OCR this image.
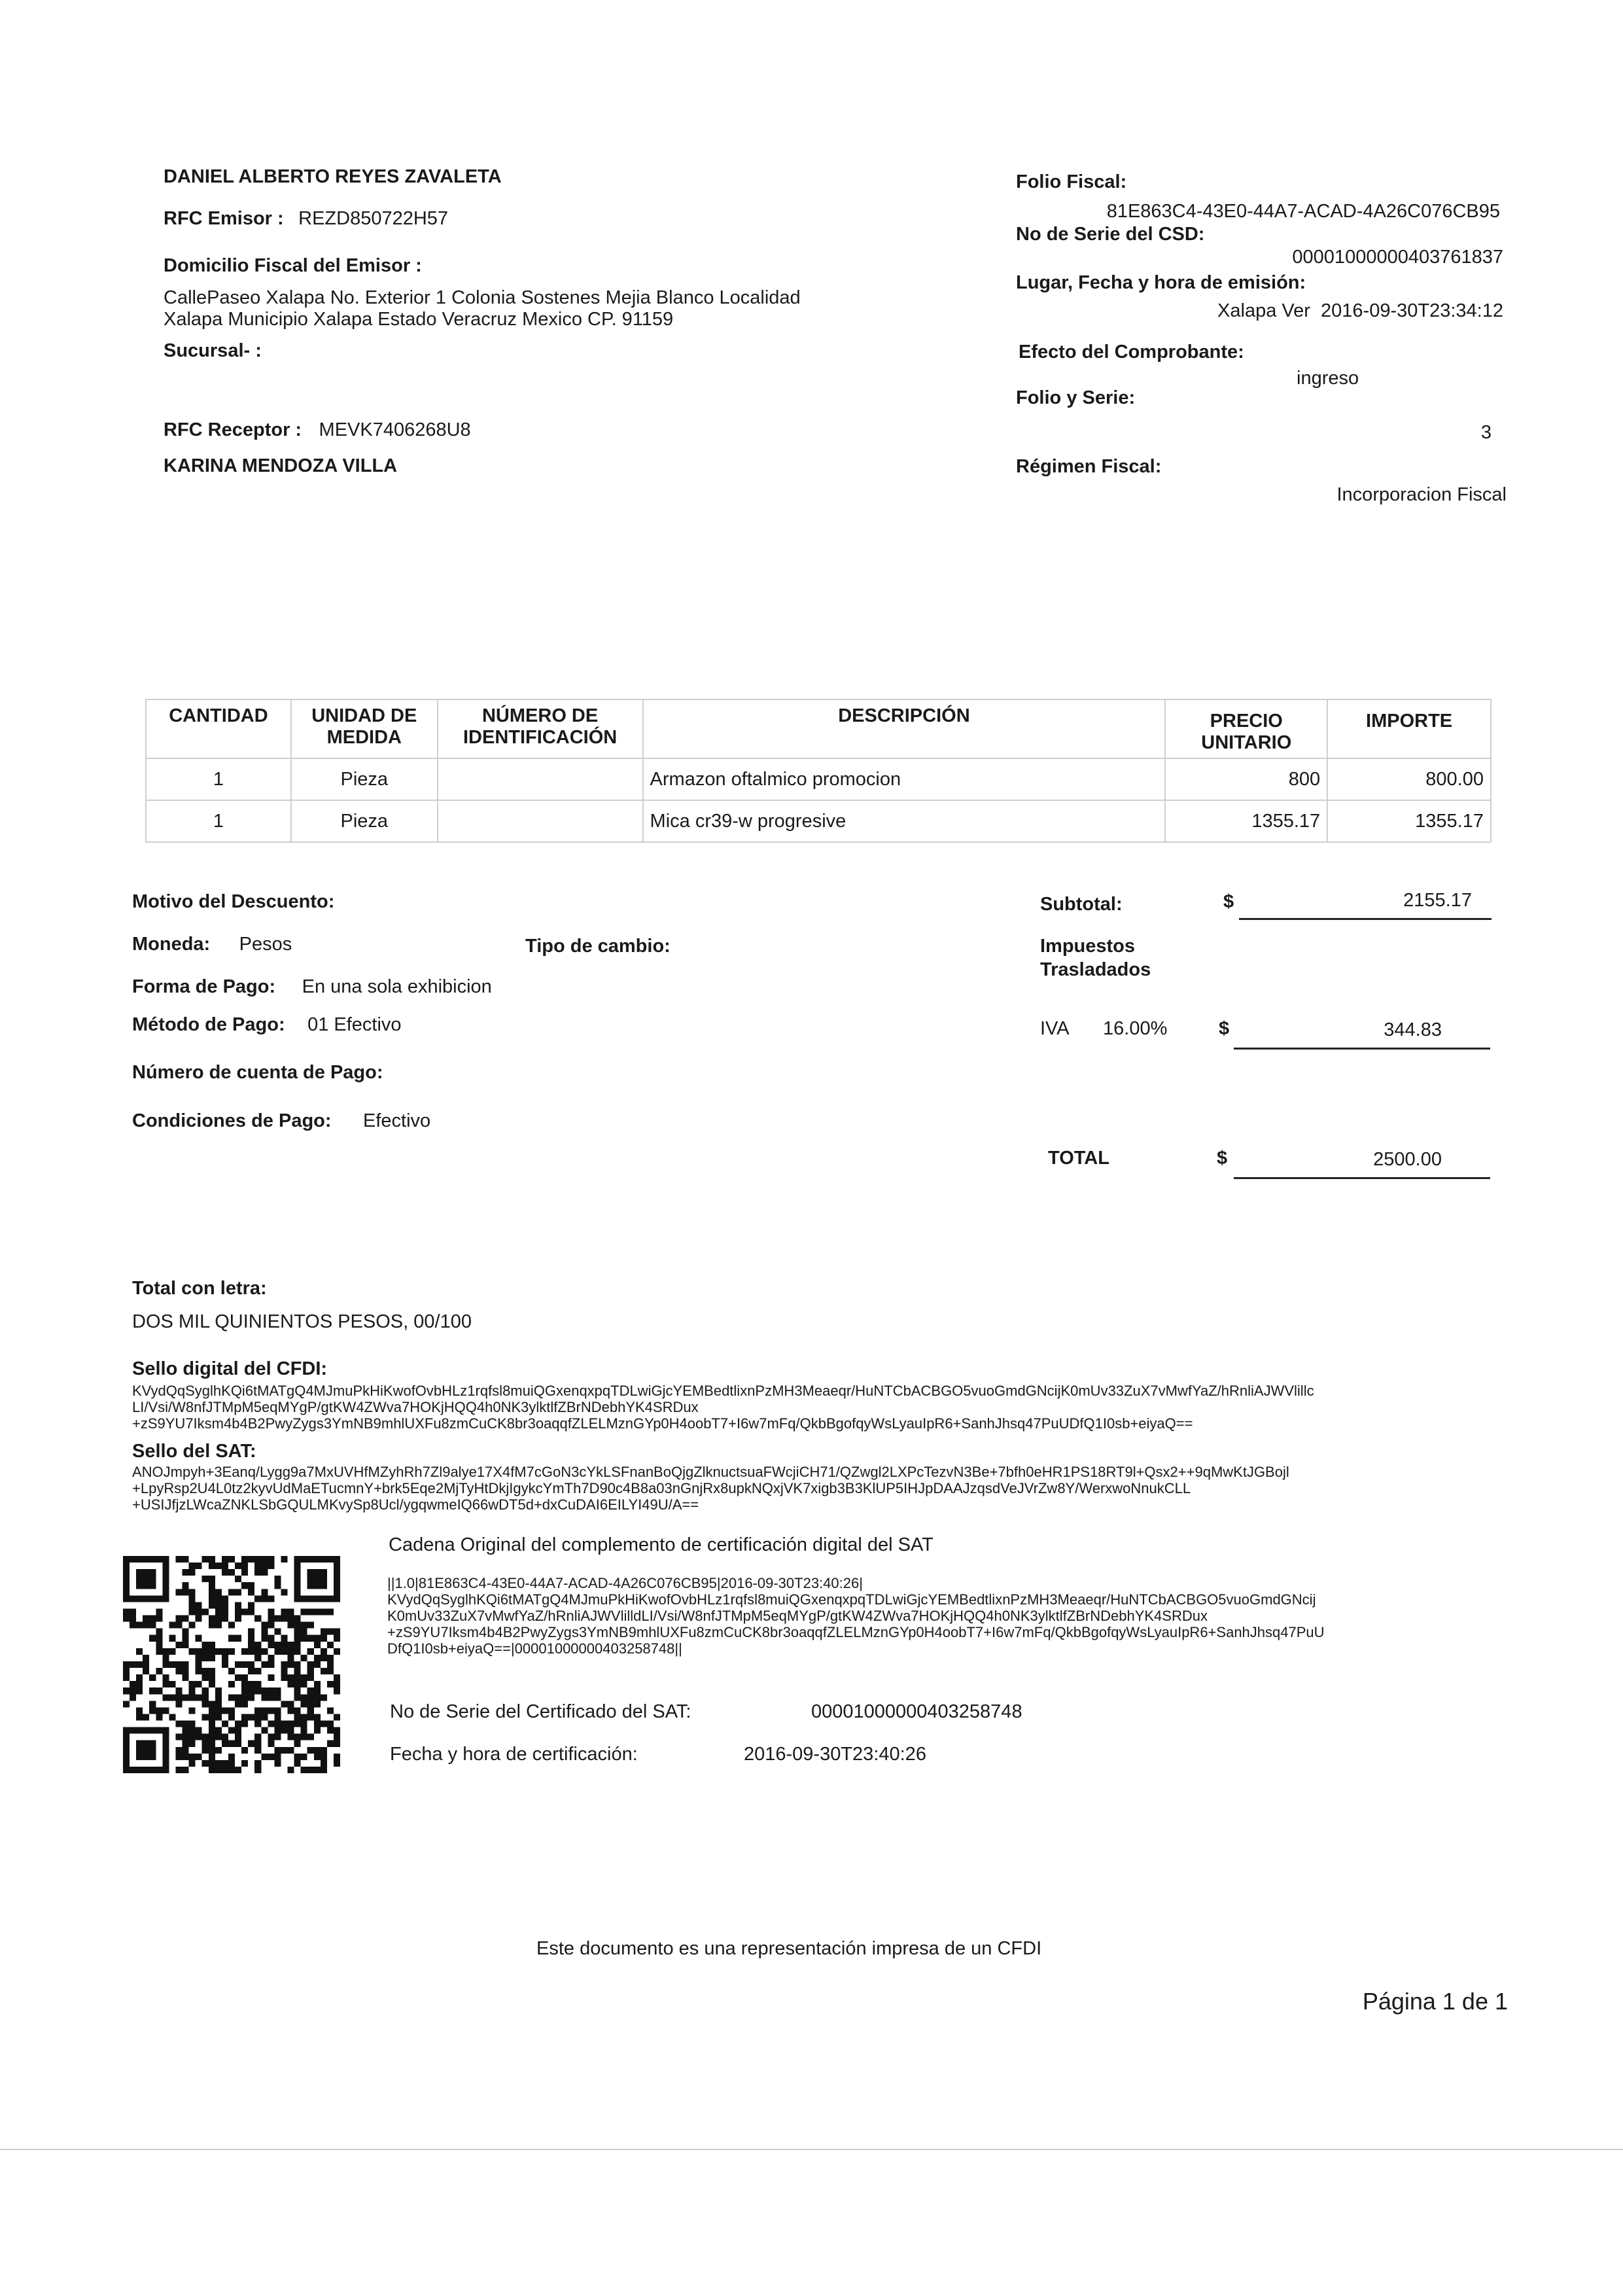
DANIEL ALBERTO REYES ZAVALETA
RFC Emisor : REZD850722H57
Domicilio Fiscal del Emisor :
CallePaseo Xalapa No. Exterior 1 Colonia Sostenes Mejia Blanco Localidad
Xalapa Municipio Xalapa Estado Veracruz Mexico CP. 91159
Sucursal- :
RFC Receptor : MEVK7406268U8
KARINA MENDOZA VILLA
Folio Fiscal:
81E863C4-43E0-44A7-ACAD-4A26C076CB95
No de Serie del CSD:
00001000000403761837
Lugar, Fecha y hora de emisión:
Xalapa Ver  2016-09-30T23:34:12
Efecto del Comprobante:
ingreso
Folio y Serie:
3
Régimen Fiscal:
Incorporacion Fiscal
CANTIDAD	UNIDAD DE MEDIDA	NÚMERO DE IDENTIFICACIÓN	DESCRIPCIÓN	PRECIO UNITARIO	IMPORTE
1	Pieza		Armazon oftalmico promocion	800	800.00
1	Pieza		Mica cr39-w progresive	1355.17	1355.17
Motivo del Descuento:
Moneda: Pesos	Tipo de cambio:
Forma de Pago: En una sola exhibicion
Método de Pago: 01 Efectivo
Número de cuenta de Pago:
Condiciones de Pago: Efectivo
Subtotal:	$	2155.17
Impuestos
Trasladados
IVA 16.00%	$	344.83
TOTAL	$	2500.00
Total con letra:
DOS MIL QUINIENTOS PESOS, 00/100
Sello digital del CFDI:
KVydQqSyglhKQi6tMATgQ4MJmuPkHiKwofOvbHLz1rqfsl8muiQGxenqxpqTDLwiGjcYEMBedtlixnPzMH3Meaeqr/HuNTCbACBGO5vuoGmdGNcijK0mUv33ZuX7vMwfYaZ/hRnliAJWVlillc
LI/Vsi/W8nfJTMpM5eqMYgP/gtKW4ZWva7HOKjHQQ4h0NK3ylktlfZBrNDebhYK4SRDux
+zS9YU7Iksm4b4B2PwyZygs3YmNB9mhlUXFu8zmCuCK8br3oaqqfZLELMznGYp0H4oobT7+I6w7mFq/QkbBgofqyWsLyauIpR6+SanhJhsq47PuUDfQ1I0sb+eiyaQ==
Sello del SAT:
ANOJmpyh+3Eanq/Lygg9a7MxUVHfMZyhRh7Zl9alye17X4fM7cGoN3cYkLSFnanBoQjgZlknuctsuaFWcjiCH71/QZwgl2LXPcTezvN3Be+7bfh0eHR1PS18RT9l+Qsx2++9qMwKtJGBojl
+LpyRsp2U4L0tz2kyvUdMaETucmnY+brk5Eqe2MjTyHtDkjIgykcYmTh7D90c4B8a03nGnjRx8upkNQxjVK7xigb3B3KlUP5IHJpDAAJzqsdVeJVrZw8Y/WerxwoNnukCLL
+USIJfjzLWcaZNKLSbGQULMKvySp8Ucl/ygqwmeIQ66wDT5d+dxCuDAI6EILYI49U/A==
Cadena Original del complemento de certificación digital del SAT
||1.0|81E863C4-43E0-44A7-ACAD-4A26C076CB95|2016-09-30T23:40:26|
KVydQqSyglhKQi6tMATgQ4MJmuPkHiKwofOvbHLz1rqfsl8muiQGxenqxpqTDLwiGjcYEMBedtlixnPzMH3Meaeqr/HuNTCbACBGO5vuoGmdGNcij
K0mUv33ZuX7vMwfYaZ/hRnliAJWVlilldLI/Vsi/W8nfJTMpM5eqMYgP/gtKW4ZWva7HOKjHQQ4h0NK3ylktlfZBrNDebhYK4SRDux
+zS9YU7Iksm4b4B2PwyZygs3YmNB9mhlUXFu8zmCuCK8br3oaqqfZLELMznGYp0H4oobT7+I6w7mFq/QkbBgofqyWsLyauIpR6+SanhJhsq47PuU
DfQ1I0sb+eiyaQ==|00001000000403258748||
No de Serie del Certificado del SAT:	00001000000403258748
Fecha y hora de certificación:	2016-09-30T23:40:26
Este documento es una representación impresa de un CFDI
Página 1 de 1
